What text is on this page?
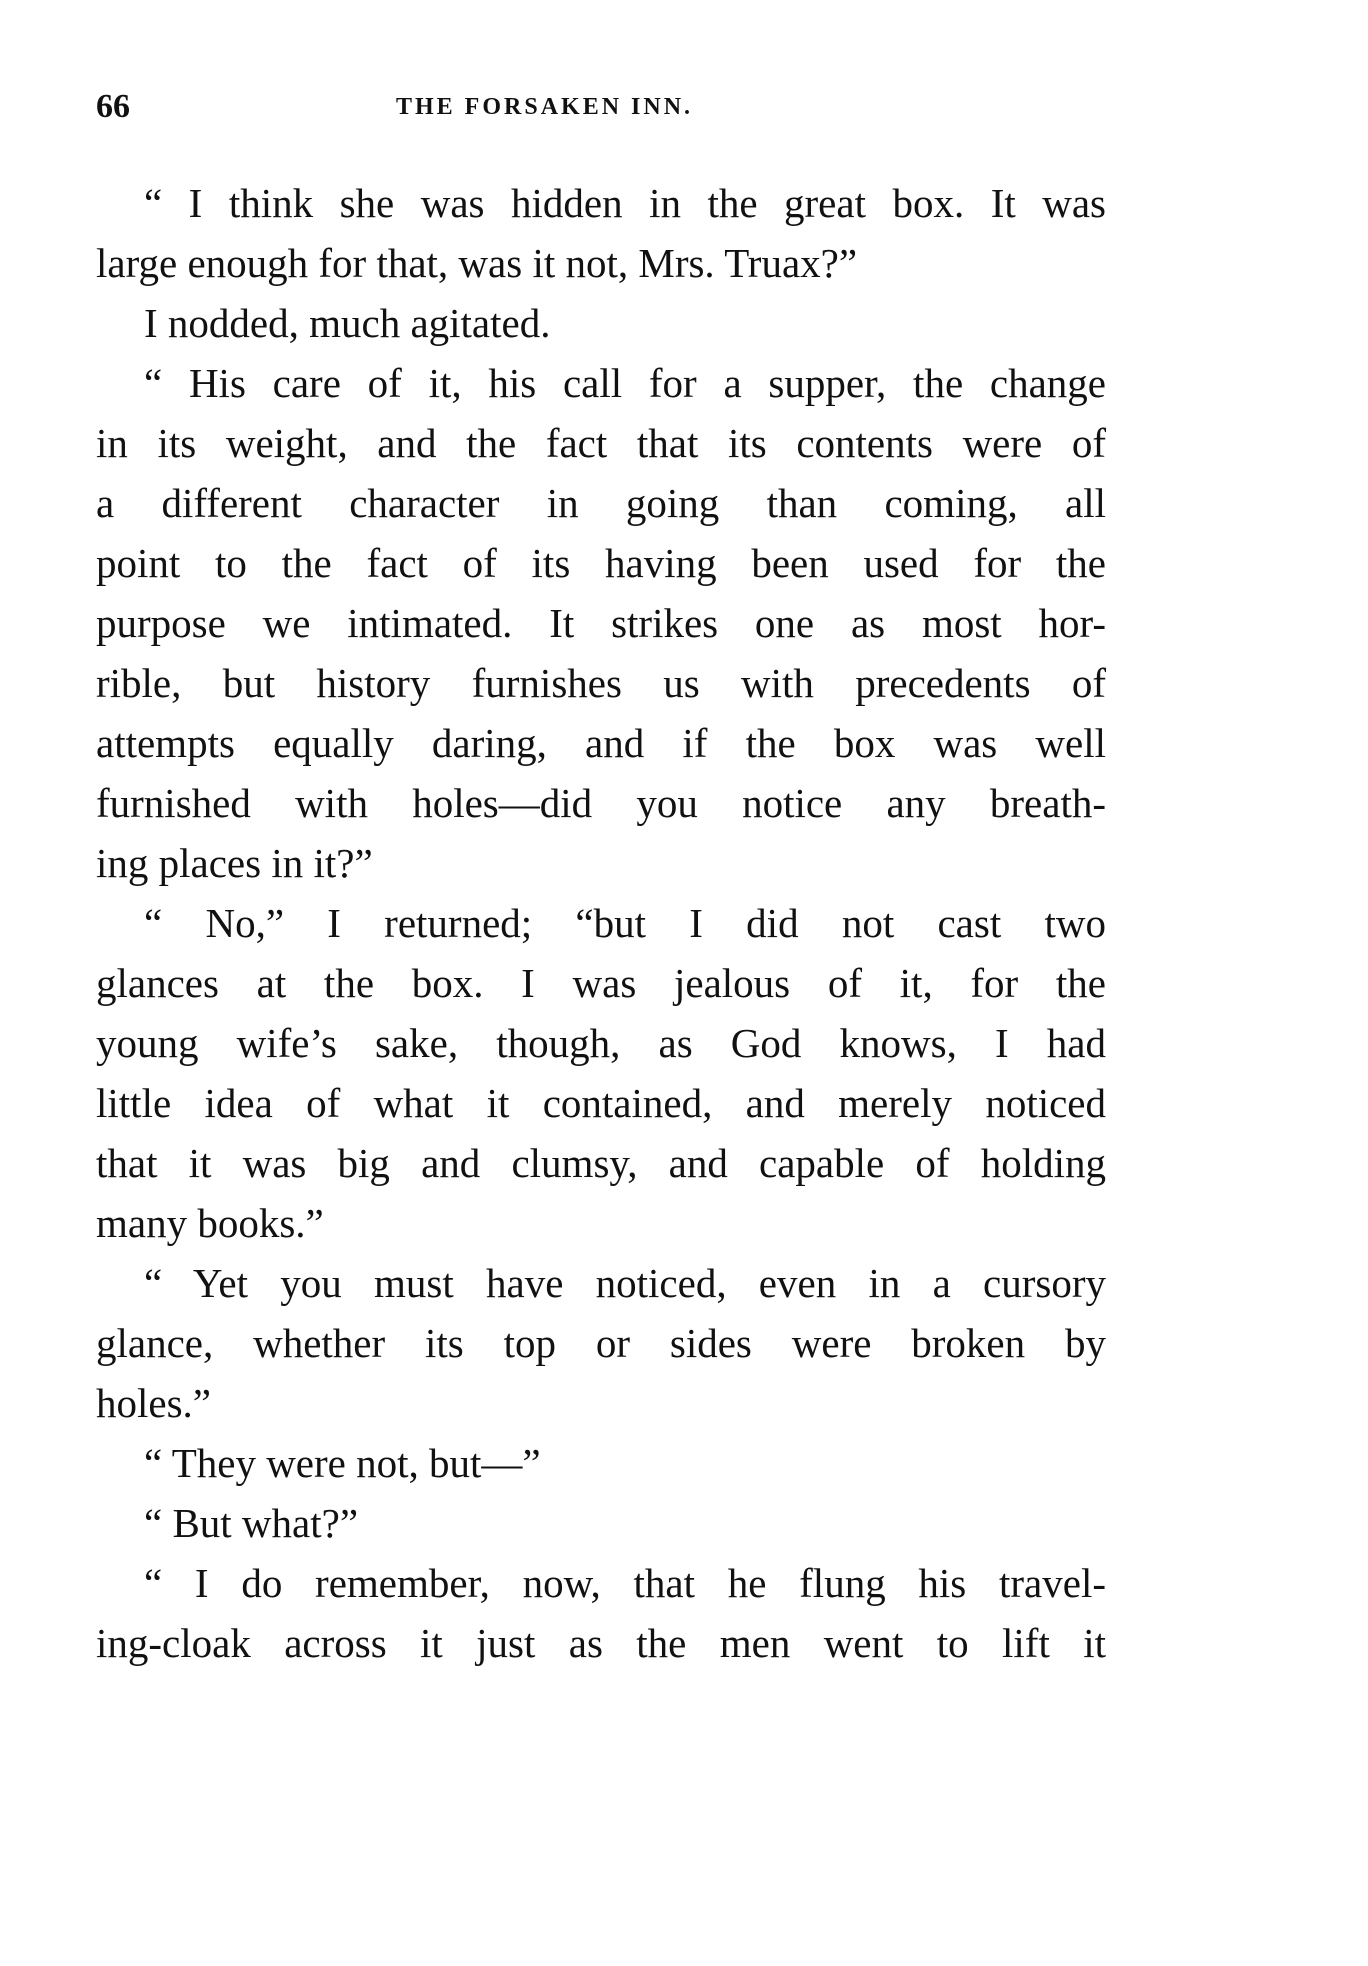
66	THE FORSAKEN INN.
“ I think she was hidden in the great box. It was
large enough for that, was it not, Mrs. Truax?”
I nodded, much agitated.
“ His care of it, his call for a supper, the change
in its weight, and the fact that its contents were of
a different character in going than coming, all
point to the fact of its having been used for the
purpose we intimated. It strikes one as most hor-
rible, but history furnishes us with precedents of
attempts equally daring, and if the box was well
furnished with holes—did you notice any breath-
ing places in it?”
“ No,” I returned; “but I did not cast two
glances at the box. I was jealous of it, for the
young wife’s sake, though, as God knows, I had
little idea of what it contained, and merely noticed
that it was big and clumsy, and capable of holding
many books.”
“ Yet you must have noticed, even in a cursory
glance, whether its top or sides were broken by
holes.”
“ They were not, but—”
“ But what?”
“ I do remember, now, that he flung his travel-
ing-cloak across it just as the men went to lift it
